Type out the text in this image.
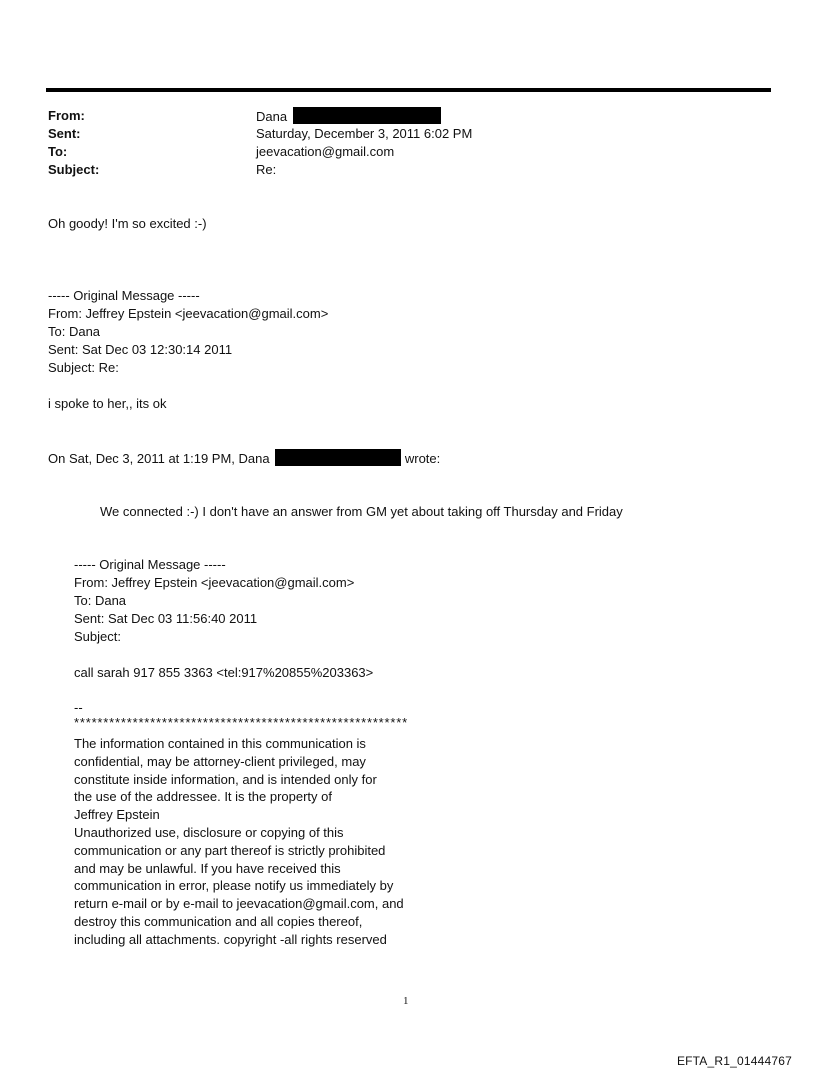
From:	Dana
Sent:	Saturday, December 3, 2011 6:02 PM
To:	jeevacation@gmail.com
Subject:	Re:
Oh goody! I'm so excited :-)
----- Original Message -----
From: Jeffrey Epstein <jeevacation@gmail.com>
To: Dana
Sent: Sat Dec 03 12:30:14 2011
Subject: Re:
i spoke to her,, its ok
On Sat, Dec 3, 2011 at 1:19 PM, Dana	wrote:
We connected :-) I don't have an answer from GM yet about taking off Thursday and Friday
----- Original Message -----
From: Jeffrey Epstein <jeevacation@gmail.com>
To: Dana
Sent: Sat Dec 03 11:56:40 2011
Subject:
call sarah 917 855 3363 <tel:917%20855%203363>
--
*********************************************************
The information contained in this communication is
confidential, may be attorney-client privileged, may
constitute inside information, and is intended only for
the use of the addressee. It is the property of
Jeffrey Epstein
Unauthorized use, disclosure or copying of this
communication or any part thereof is strictly prohibited
and may be unlawful. If you have received this
communication in error, please notify us immediately by
return e-mail or by e-mail to jeevacation@gmail.com, and
destroy this communication and all copies thereof,
including all attachments. copyright -all rights reserved
1
EFTA_R1_01444767
